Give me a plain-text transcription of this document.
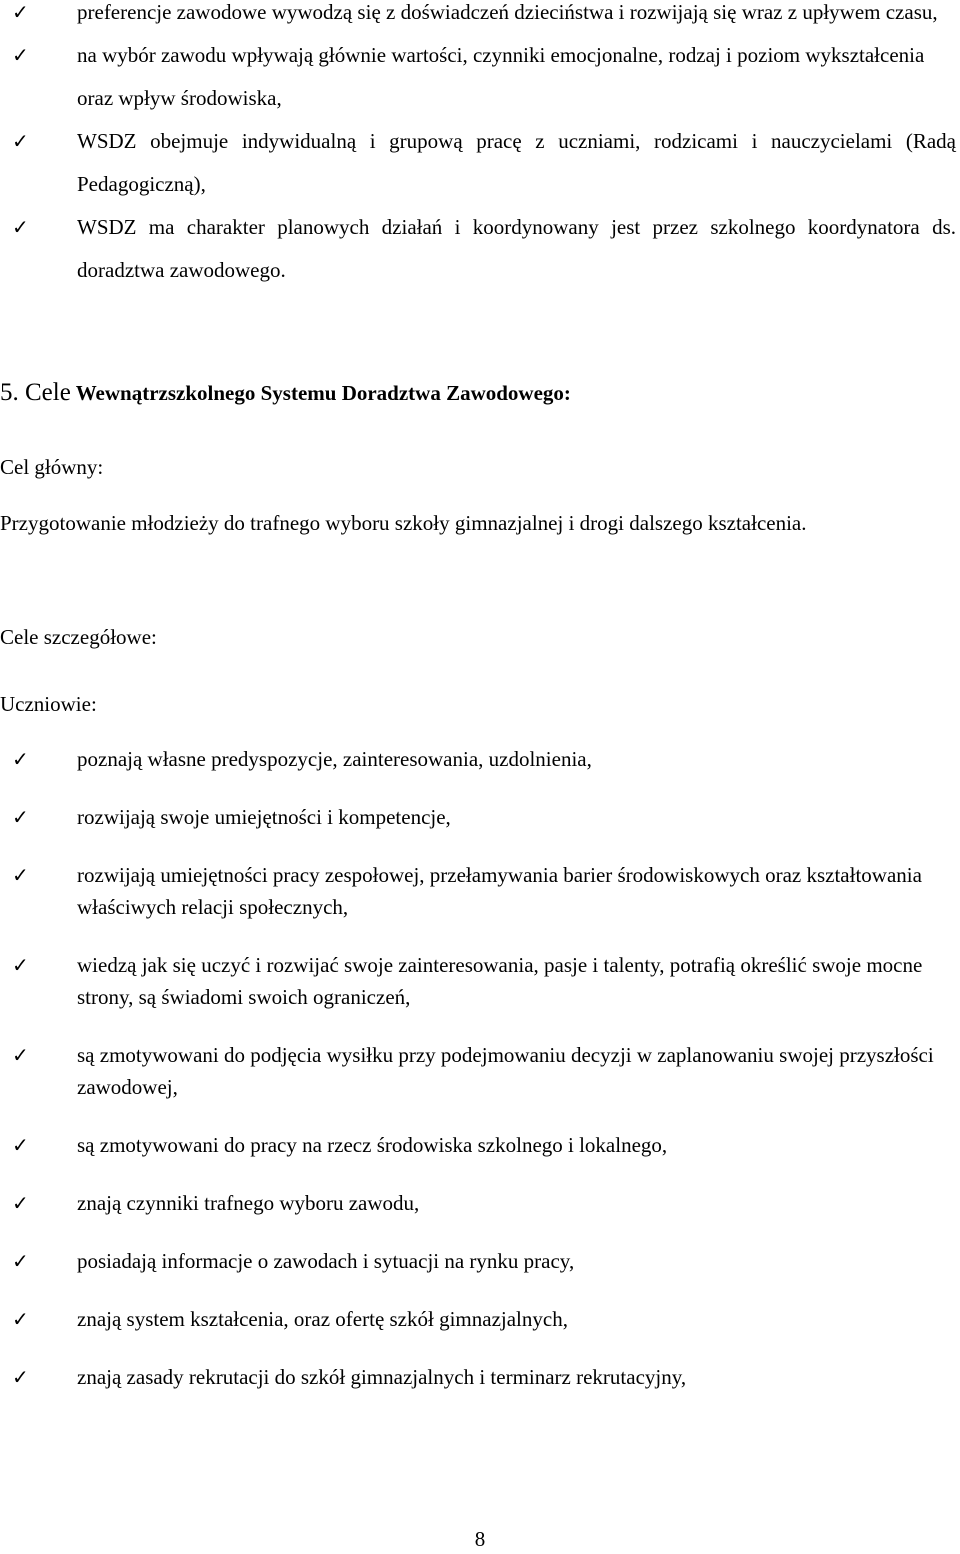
✓ preferencje zawodowe wywodzą się z doświadczeń dzieciństwa i rozwijają się wraz z upływem czasu,
✓ na wybór zawodu wpływają głównie wartości, czynniki emocjonalne, rodzaj i poziom wykształcenia oraz wpływ środowiska,
✓ WSDZ obejmuje indywidualną i grupową pracę z uczniami, rodzicami i nauczycielami (Radą Pedagogiczną),
✓ WSDZ ma charakter planowych działań i koordynowany jest przez szkolnego koordynatora ds. doradztwa zawodowego.
5. Cele Wewnątrzszkolnego Systemu Doradztwa Zawodowego:
Cel główny:
Przygotowanie młodzieży do trafnego wyboru szkoły gimnazjalnej i drogi dalszego kształcenia.
Cele szczegółowe:
Uczniowie:
✓ poznają własne predyspozycje, zainteresowania, uzdolnienia,
✓ rozwijają swoje umiejętności i kompetencje,
✓ rozwijają umiejętności pracy zespołowej, przełamywania barier środowiskowych oraz kształtowania właściwych relacji społecznych,
✓ wiedzą jak się uczyć i rozwijać swoje zainteresowania, pasje i talenty, potrafią określić swoje mocne strony, są świadomi swoich ograniczeń,
✓ są zmotywowani do podjęcia wysiłku przy podejmowaniu decyzji w zaplanowaniu swojej przyszłości zawodowej,
✓ są zmotywowani do pracy na rzecz środowiska szkolnego i lokalnego,
✓ znają czynniki trafnego wyboru zawodu,
✓ posiadają informacje o zawodach i sytuacji na rynku pracy,
✓ znają system kształcenia, oraz ofertę szkół gimnazjalnych,
✓ znają zasady rekrutacji do szkół gimnazjalnych i terminarz rekrutacyjny,
8
